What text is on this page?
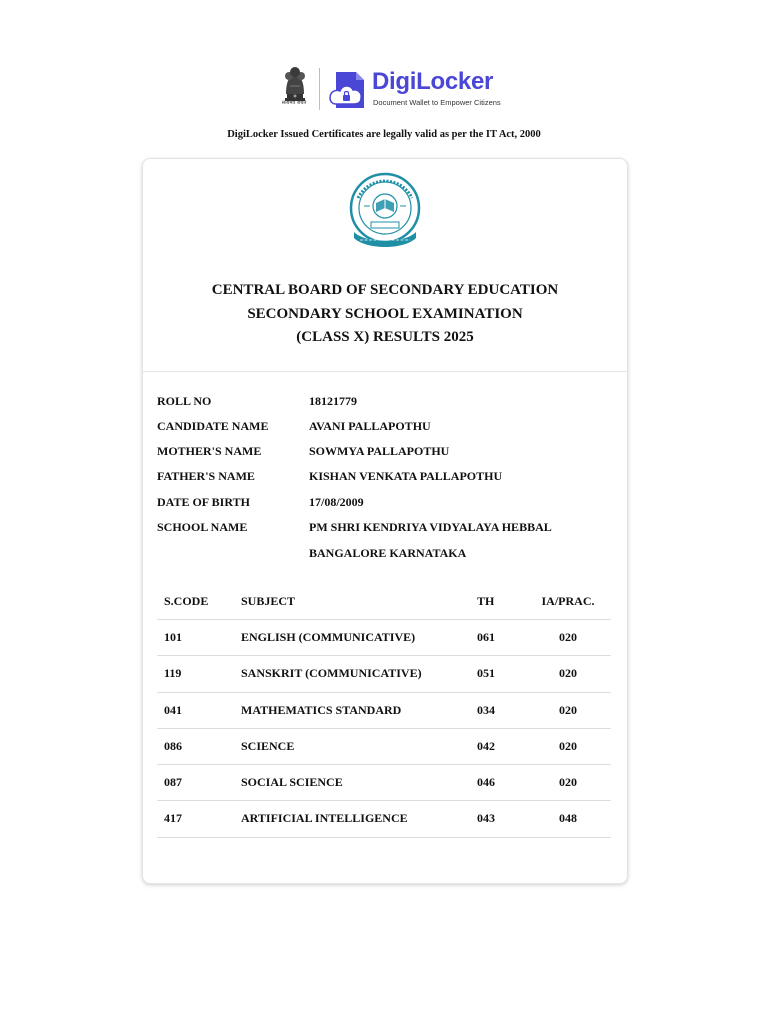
सत्यमेव जयते
DigiLocker
Document Wallet to Empower Citizens
DigiLocker Issued Certificates are legally valid as per the IT Act, 2000
CENTRAL BOARD OF SECONDARY EDUCATION
SECONDARY SCHOOL EXAMINATION
(CLASS X) RESULTS 2025
ROLL NO	18121779
CANDIDATE NAME	AVANI PALLAPOTHU
MOTHER'S NAME	SOWMYA PALLAPOTHU
FATHER'S NAME	KISHAN VENKATA PALLAPOTHU
DATE OF BIRTH	17/08/2009
SCHOOL NAME	PM SHRI KENDRIYA VIDYALAYA HEBBAL
BANGALORE KARNATAKA
S.CODE	SUBJECT	TH	IA/PRAC.
101	ENGLISH (COMMUNICATIVE)	061	020
119	SANSKRIT (COMMUNICATIVE)	051	020
041	MATHEMATICS STANDARD	034	020
086	SCIENCE	042	020
087	SOCIAL SCIENCE	046	020
417	ARTIFICIAL INTELLIGENCE	043	048
